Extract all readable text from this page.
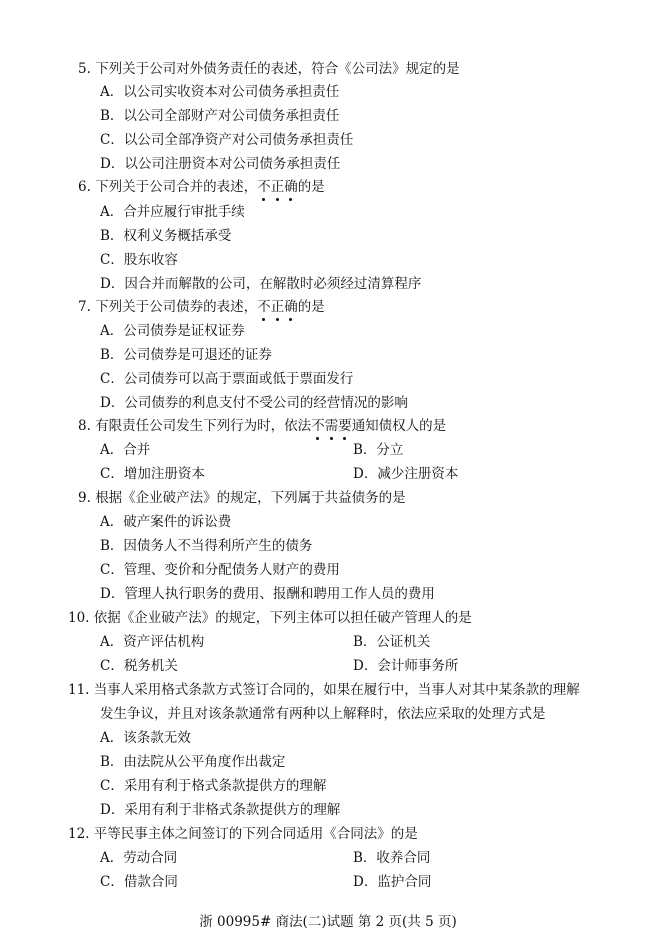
5. 下列关于公司对外债务责任的表述，符合《公司法》规定的是
A．以公司实收资本对公司债务承担责任
B．以公司全部财产对公司债务承担责任
C．以公司全部净资产对公司债务承担责任
D．以公司注册资本对公司债务承担责任
6. 下列关于公司合并的表述，不正确的是
A．合并应履行审批手续
B．权利义务概括承受
C．股东收容
D．因合并而解散的公司，在解散时必须经过清算程序
7. 下列关于公司债券的表述，不正确的是
A．公司债券是证权证券
B．公司债券是可退还的证券
C．公司债券可以高于票面或低于票面发行
D．公司债券的利息支付不受公司的经营情况的影响
8. 有限责任公司发生下列行为时，依法不需要通知债权人的是
A．合并	B．分立
C．增加注册资本	D．减少注册资本
9. 根据《企业破产法》的规定，下列属于共益债务的是
A．破产案件的诉讼费
B．因债务人不当得利所产生的债务
C．管理、变价和分配债务人财产的费用
D．管理人执行职务的费用、报酬和聘用工作人员的费用
10. 依据《企业破产法》的规定，下列主体可以担任破产管理人的是
A．资产评估机构	B．公证机关
C．税务机关	D．会计师事务所
11. 当事人采用格式条款方式签订合同的，如果在履行中，当事人对其中某条款的理解
发生争议，并且对该条款通常有两种以上解释时，依法应采取的处理方式是
A．该条款无效
B．由法院从公平角度作出裁定
C．采用有利于格式条款提供方的理解
D．采用有利于非格式条款提供方的理解
12. 平等民事主体之间签订的下列合同适用《合同法》的是
A．劳动合同	B．收养合同
C．借款合同	D．监护合同
浙 00995# 商法(二)试题 第 2 页(共 5 页)
